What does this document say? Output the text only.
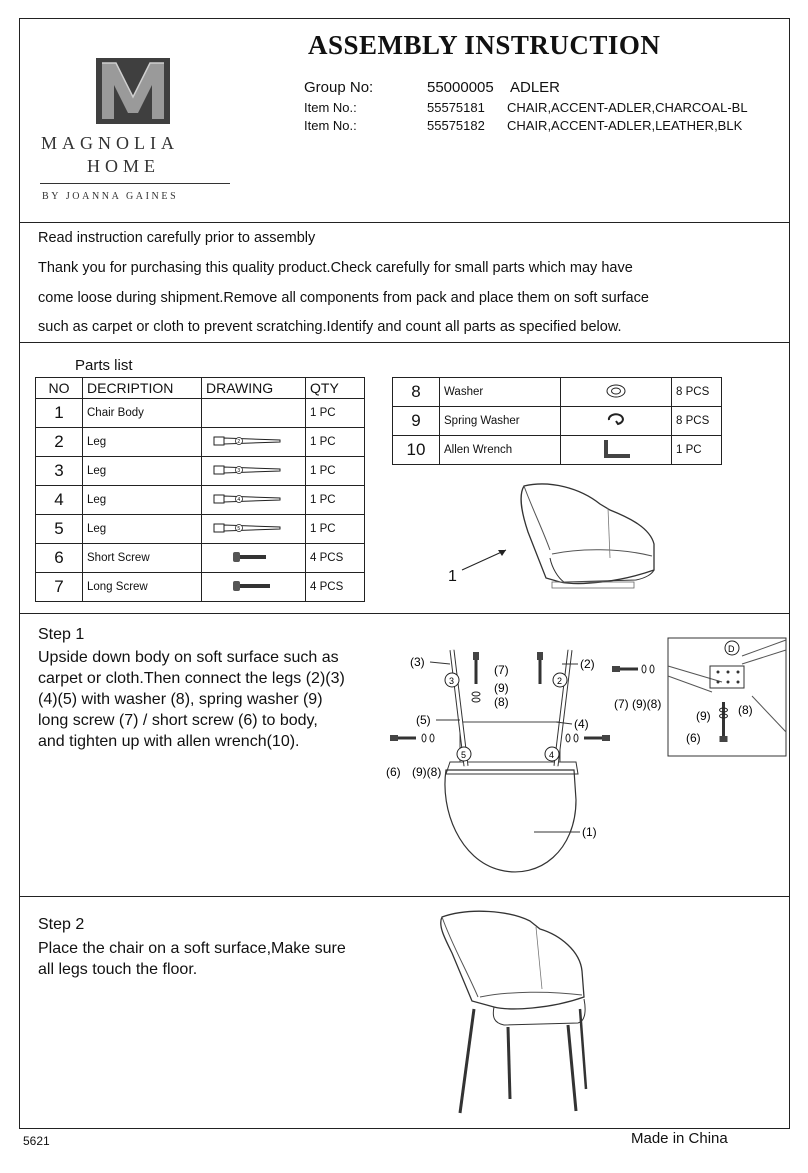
MAGNOLIA
HOME
BY JOANNA GAINES
ASSEMBLY INSTRUCTION
Group No:	55000005 ADLER
Item No.:	55575181 CHAIR,ACCENT-ADLER,CHARCOAL-BL
Item No.:	55575182 CHAIR,ACCENT-ADLER,LEATHER,BLK
Read instruction carefully prior to assembly
Thank you for purchasing this quality product.Check carefully for small parts which may have
come loose during shipment.Remove all components from pack and place them on soft surface
such as carpet or cloth to prevent scratching.Identify and count all parts as specified below.
Parts list
NO	DECRIPTION	DRAWING	QTY
1	Chair Body		1 PC
2	Leg	2	1 PC
3	Leg	3	1 PC
4	Leg	4	1 PC
5	Leg	5	1 PC
6	Short Screw		4 PCS
7	Long Screw		4 PCS
8	Washer		8 PCS
9	Spring Washer		8 PCS
10	Allen Wrench		1 PC
1
Step 1
Upside down body on soft surface such as
carpet or cloth.Then connect the legs (2)(3)
(4)(5) with washer (8), spring washer (9)
long screw (7) / short screw (6) to body,
and tighten up with allen wrench(10).
3	2
5	4
(3)	(2)
(7)
(9)
(8)
(5)	(4)
(6) (9)(8)
(1)
D
(7) (9)(8)
(9) (8)
(6)
Step 2
Place the chair on a soft surface,Make sure
all legs touch the floor.
5621	Made in China
